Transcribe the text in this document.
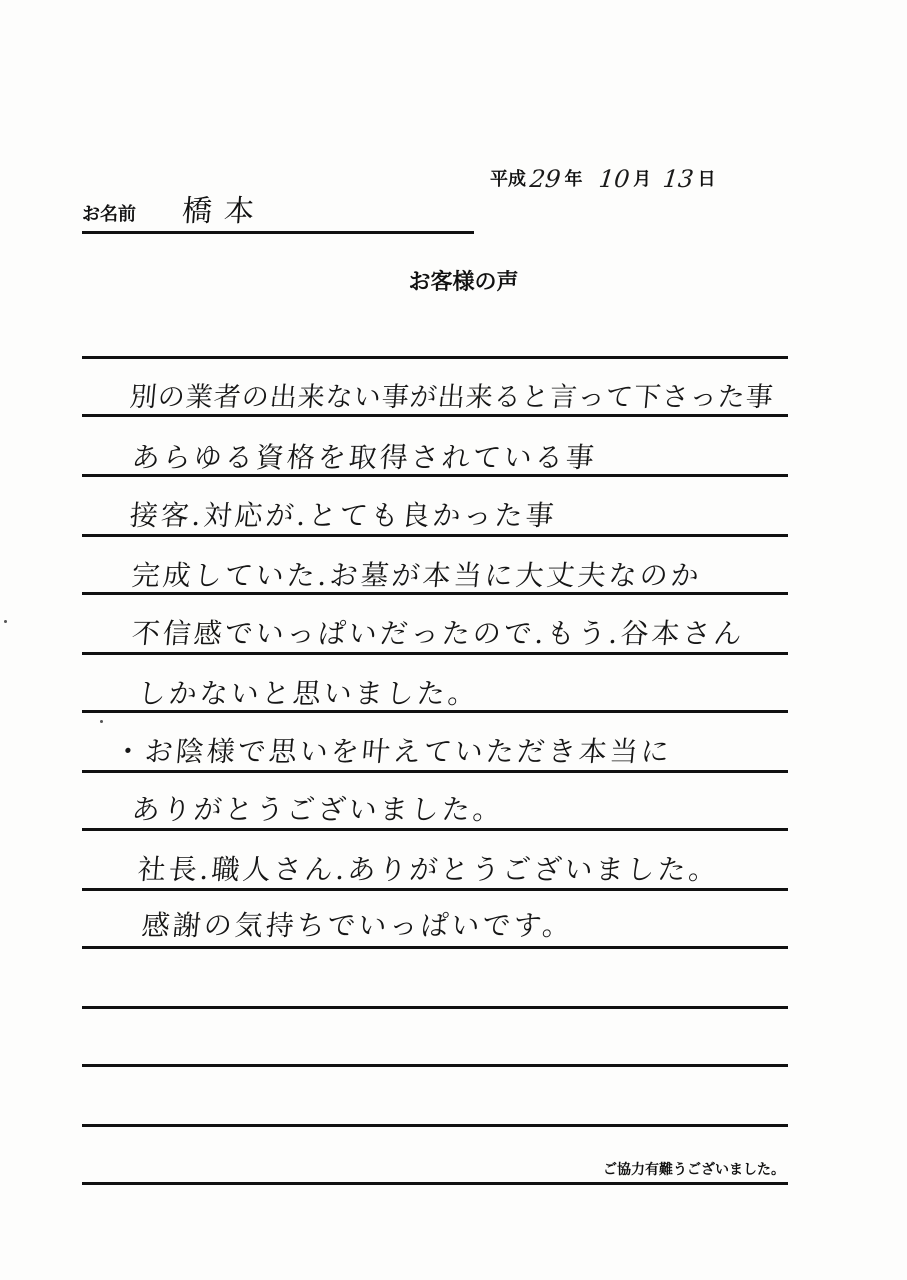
平成 29 年 10 月 13 日
お名前 橋本
お客様の声
別の業者の出来ない事が出来ると言って下さった事
あらゆる資格を取得されている事
接客.対応が.とても良かった事
完成していた.お墓が本当に大丈夫なのか
不信感でいっぱいだったので.もう.谷本さん
しかないと思いました。
・お陰様で思いを叶えていただき本当に
ありがとうございました。
社長.職人さん.ありがとうございました。
感謝の気持ちでいっぱいです。
ご協力有難うございました。
